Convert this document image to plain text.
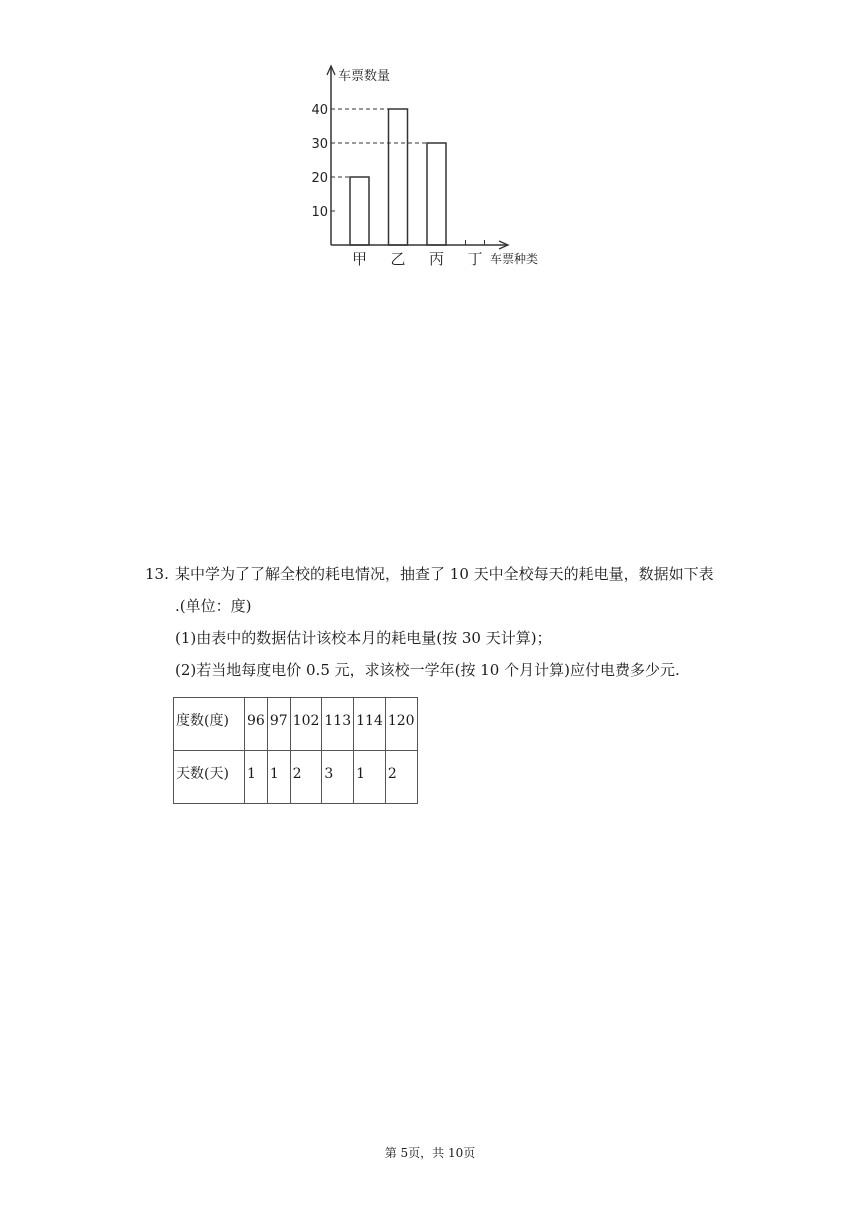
10
20
30
40
甲 乙 丙 丁
车票数量
车票种类
13. 某中学为了了解全校的耗电情况，抽查了 10 天中全校每天的耗电量，数据如下表
.(单位：度)
(1)由表中的数据估计该校本月的耗电量(按 30 天计算)；
(2)若当地每度电价 0.5 元，求该校一学年(按 10 个月计算)应付电费多少元.
度数(度)	96	97	102	113	114	120
天数(天)	1	1	2	3	1	2
第 5页，共 10页
